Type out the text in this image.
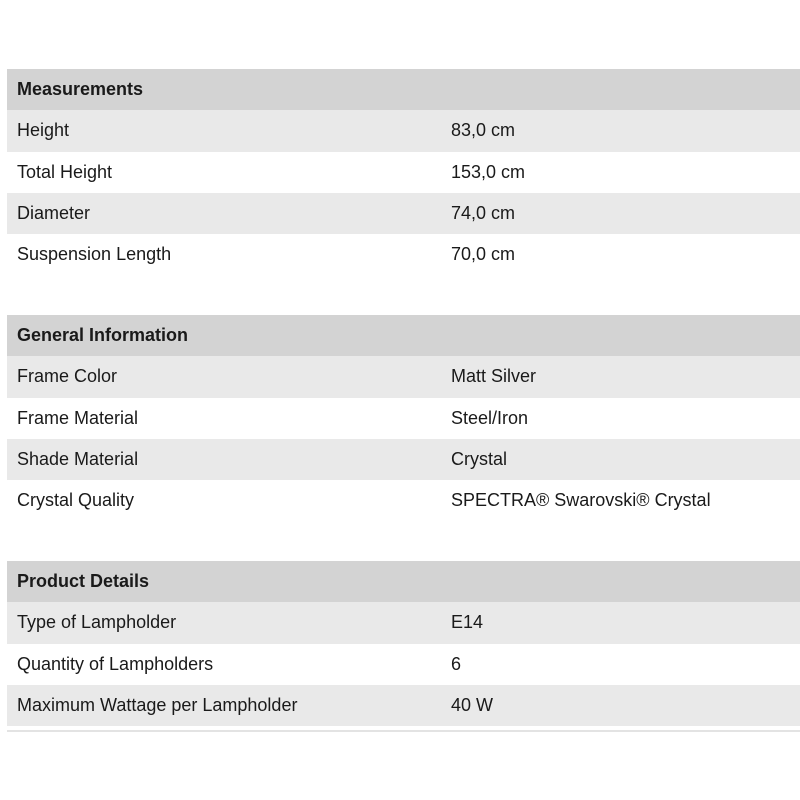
Measurements
Height	83,0 cm
Total Height	153,0 cm
Diameter	74,0 cm
Suspension Length	70,0 cm
General Information
Frame Color	Matt Silver
Frame Material	Steel/Iron
Shade Material	Crystal
Crystal Quality	SPECTRA® Swarovski® Crystal
Product Details
Type of Lampholder	E14
Quantity of Lampholders	6
Maximum Wattage per Lampholder	40 W
